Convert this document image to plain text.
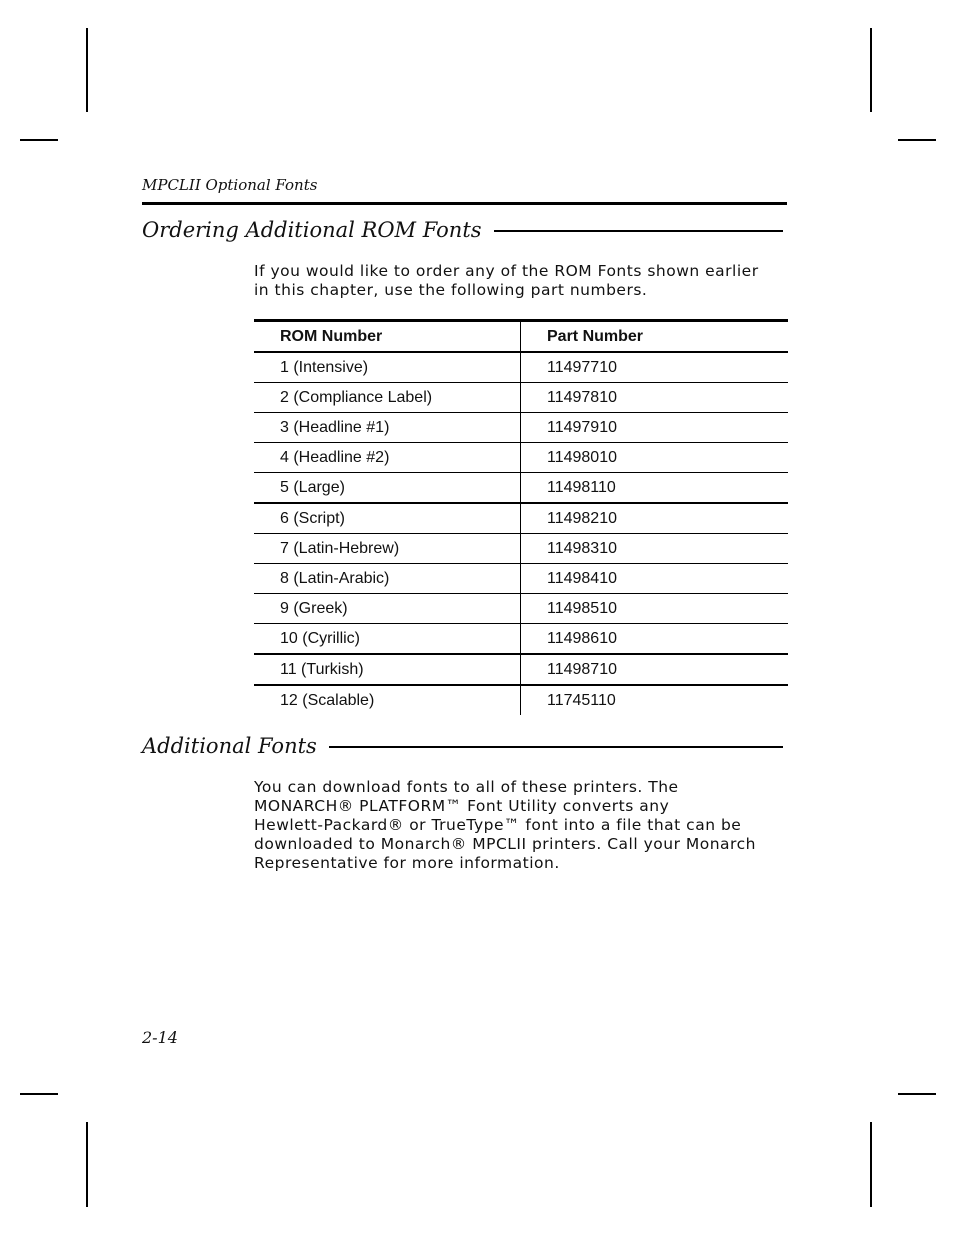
MPCLII Optional Fonts
Ordering Additional ROM Fonts
If you would like to order any of the ROM Fonts shown earlier
in this chapter, use the following part numbers.
ROM Number	Part Number
1 (Intensive)	11497710
2 (Compliance Label)	11497810
3 (Headline #1)	11497910
4 (Headline #2)	11498010
5 (Large)	11498110
6 (Script)	11498210
7 (Latin-Hebrew)	11498310
8 (Latin-Arabic)	11498410
9 (Greek)	11498510
10 (Cyrillic)	11498610
11 (Turkish)	11498710
12 (Scalable)	11745110
Additional Fonts
You can download fonts to all of these printers. The
MONARCH® PLATFORM™ Font Utility converts any
Hewlett-Packard® or TrueType™ font into a file that can be
downloaded to Monarch® MPCLII printers. Call your Monarch
Representative for more information.
2-14
